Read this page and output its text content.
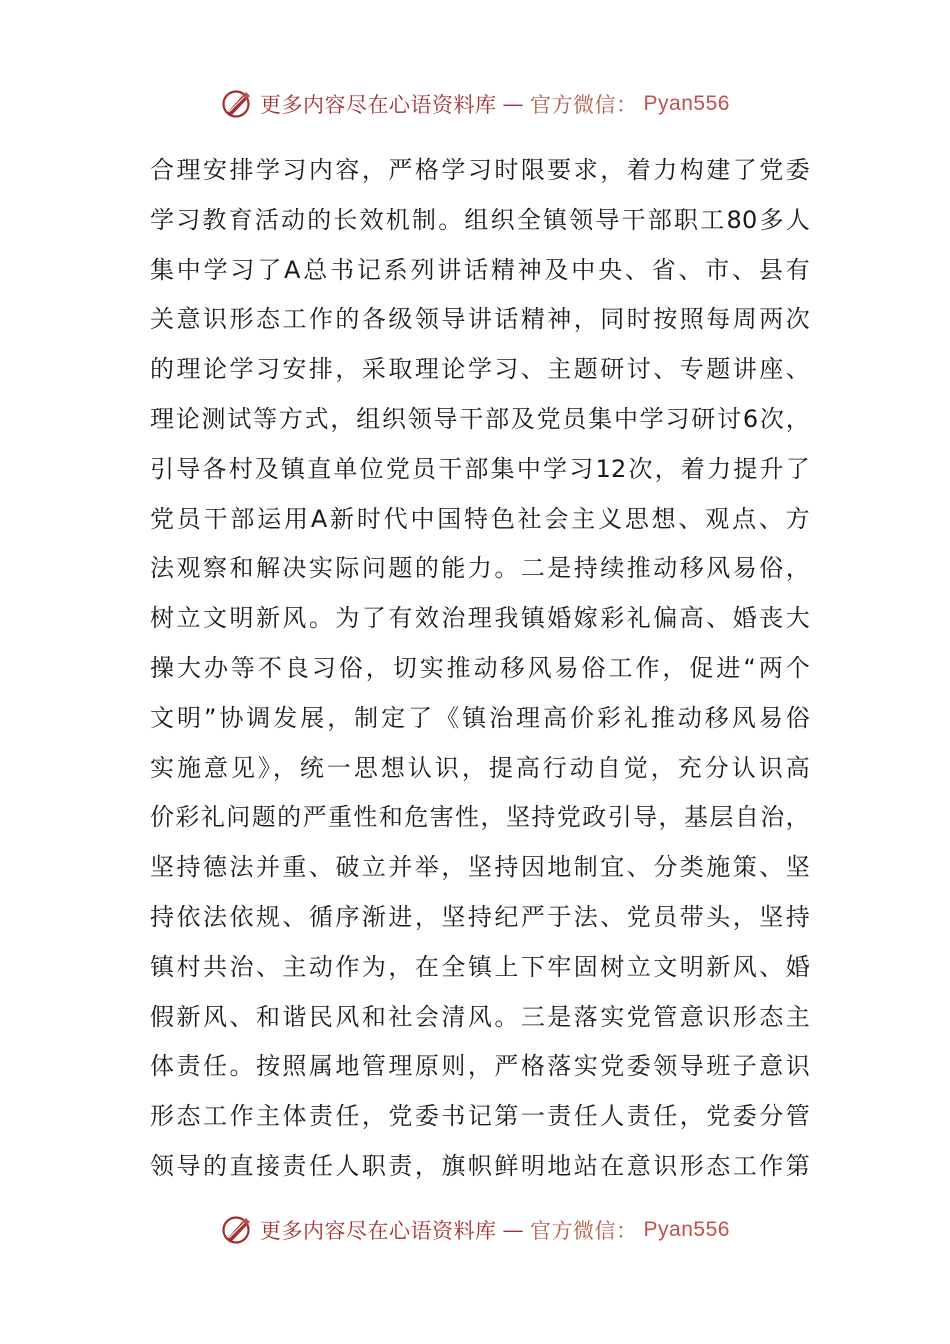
更多内容尽在心语资料库 — 官方微信： Pyan556
合理安排学习内容，严格学习时限要求，着力构建了党委
学习教育活动的长效机制。组织全镇领导干部职工80多人
集中学习了A总书记系列讲话精神及中央、省、市、县有
关意识形态工作的各级领导讲话精神，同时按照每周两次
的理论学习安排，采取理论学习、主题研讨、专题讲座、
理论测试等方式，组织领导干部及党员集中学习研讨6次，
引导各村及镇直单位党员干部集中学习12次，着力提升了
党员干部运用A新时代中国特色社会主义思想、观点、方
法观察和解决实际问题的能力。二是持续推动移风易俗，
树立文明新风。为了有效治理我镇婚嫁彩礼偏高、婚丧大
操大办等不良习俗，切实推动移风易俗工作，促进“两个
文明”协调发展，制定了《镇治理高价彩礼推动移风易俗
实施意见》，统一思想认识，提高行动自觉，充分认识高
价彩礼问题的严重性和危害性，坚持党政引导，基层自治，
坚持德法并重、破立并举，坚持因地制宜、分类施策、坚
持依法依规、循序渐进，坚持纪严于法、党员带头，坚持
镇村共治、主动作为，在全镇上下牢固树立文明新风、婚
假新风、和谐民风和社会清风。三是落实党管意识形态主
体责任。按照属地管理原则，严格落实党委领导班子意识
形态工作主体责任，党委书记第一责任人责任，党委分管
领导的直接责任人职责，旗帜鲜明地站在意识形态工作第
更多内容尽在心语资料库 — 官方微信： Pyan556
